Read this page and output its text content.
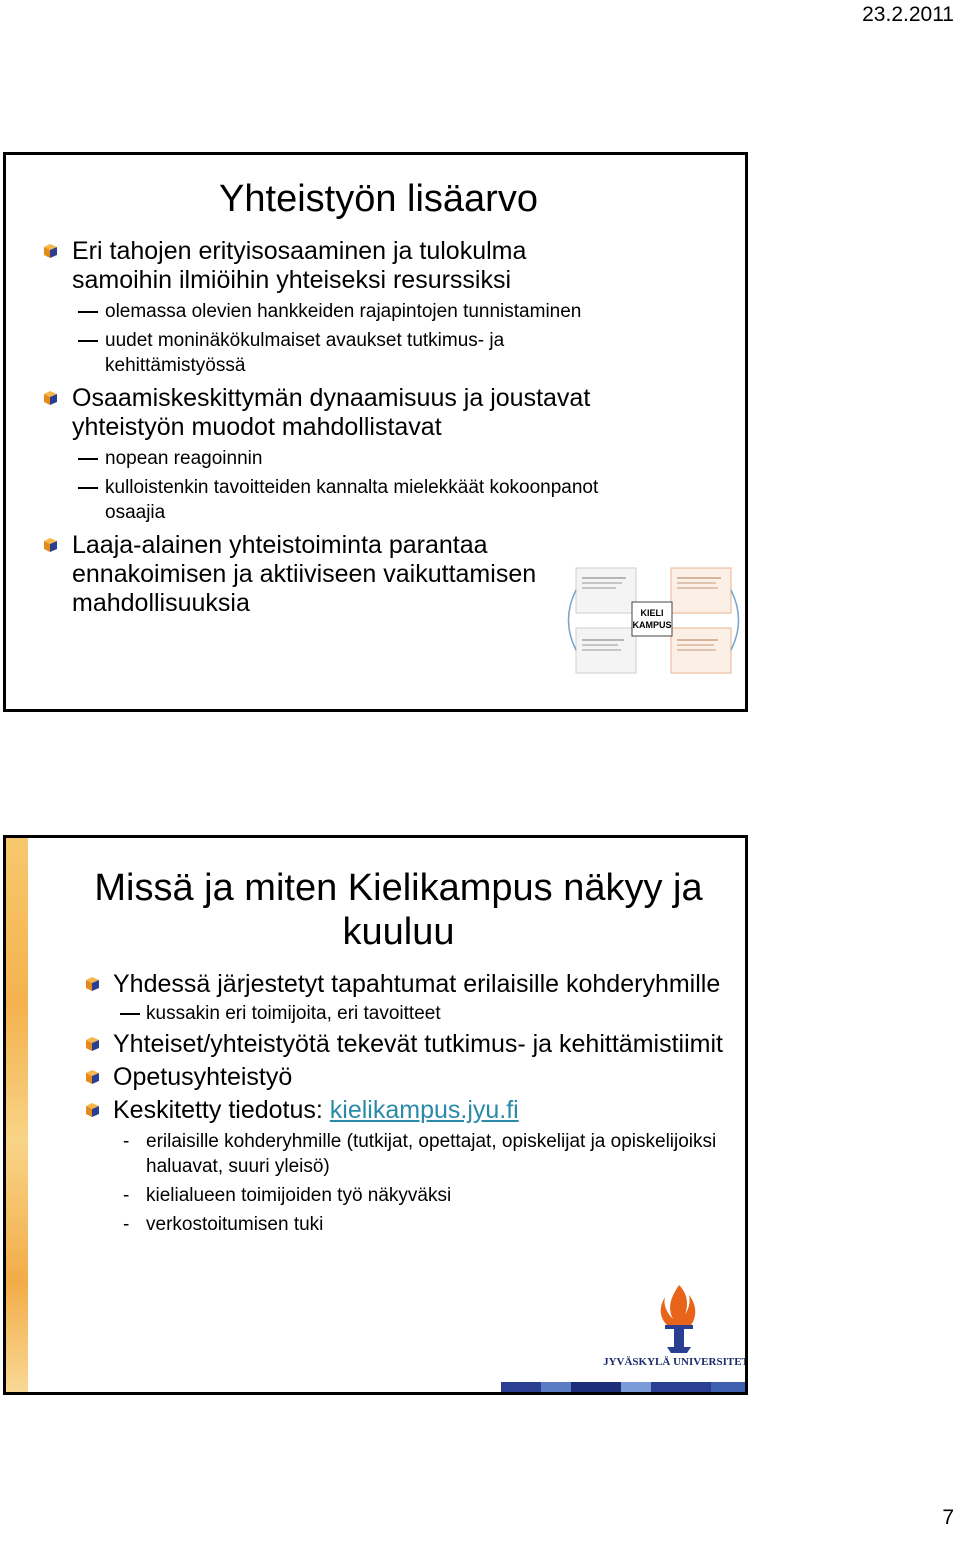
23.2.2011
Yhteistyön lisäarvo
Eri tahojen erityisosaaminen ja tulokulma samoihin ilmiöihin yhteiseksi resurssiksi
olemassa olevien hankkeiden rajapintojen tunnistaminen
uudet moninäkökulmaiset avaukset tutkimus- ja kehittämistyössä
Osaamiskeskittymän dynaamisuus ja joustavat yhteistyön muodot mahdollistavat
nopean reagoinnin
kulloistenkin tavoitteiden kannalta mielekkäät kokoonpanot osaajia
Laaja-alainen yhteistoiminta parantaa ennakoimisen ja aktiiviseen vaikuttamisen mahdollisuuksia	KIELI
KAMPUS
Missä ja miten Kielikampus näkyy ja kuuluu
Yhdessä järjestetyt tapahtumat erilaisille kohderyhmille
kussakin eri toimijoita, eri tavoitteet
Yhteiset/yhteistyötä tekevät tutkimus- ja kehittämistiimit
Opetusyhteistyö
Keskitetty tiedotus: kielikampus.jyu.fi
- erilaisille kohderyhmille (tutkijat, opettajat, opiskelijat ja opiskelijoiksi haluavat, suuri yleisö)
- kielialueen toimijoiden työ näkyväksi
- verkostoitumisen tuki
JYVÄSKYLÄ UNIVERSITET
7
